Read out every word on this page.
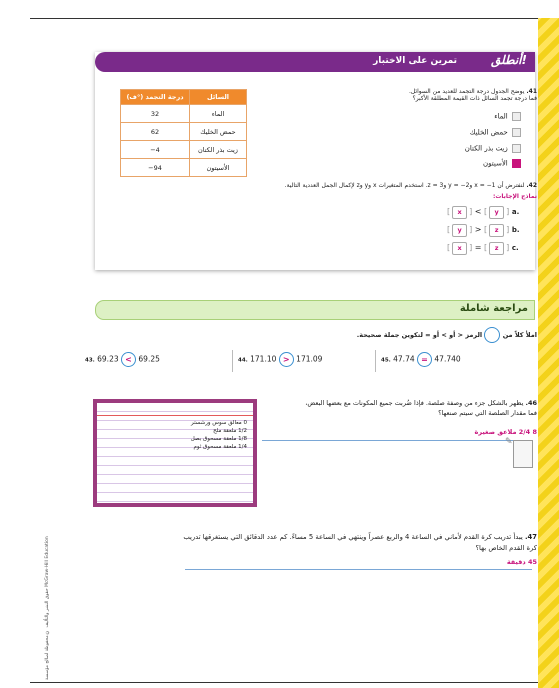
حقوق النشر والتأليف © محفوظة لصالح مؤسسة McGraw-Hill Education
أنطلق!
تمرين على الاختبار
درجة التجمد (°ف)	السائل
32	الماء
62	حمض الخليك
−4	زيت بذر الكتان
−94	الأسيتون
41. يوضح الجدول درجة التجمد للعديد من السوائل.
فما درجة تجمد السائل ذات القيمة المطلقة الأكبر؟
الماء
حمض الخليك
زيت بذر الكتان
الأسيتون
42. لنفترض أن 1− = x و2− = y و3 = z. استخدم المتغيرات x وy وz لإكمال الجمل العددية التالية.
نماذج الإجابات:
[ x ] < [ y ] a.
[ y ] > [ z ] b.
[ x ] = [ z ] c.
مراجعة شاملة
املأ كلاً من  الرمز < أو > أو = لتكوين جملة صحيحة.
43. 69.23 < 69.25	44. 171.10 > 171.09	45. 47.74 = 47.740
46. يظهر بالشكل جزء من وصفة صلصة. فإذا ضُربت جميع المكونات مع بعضها البعض، فما مقدار الصلصة التي سيتم صنعها؟
8 2/4 ملاعق صغيرة
0 معالق سوس ورشستر
1/2 ملعقة ملح
1/8 ملعقة مسحوق بصل
1/4 ملعقة مسحوق ثوم	✎
47. يبدأ تدريب كرة القدم لأماني في الساعة 4 والربع عصراً وينتهي في الساعة 5 مساءً. كم عدد الدقائق التي يستغرقها تدريب كرة القدم الخاص بها؟
45 دقيقة
